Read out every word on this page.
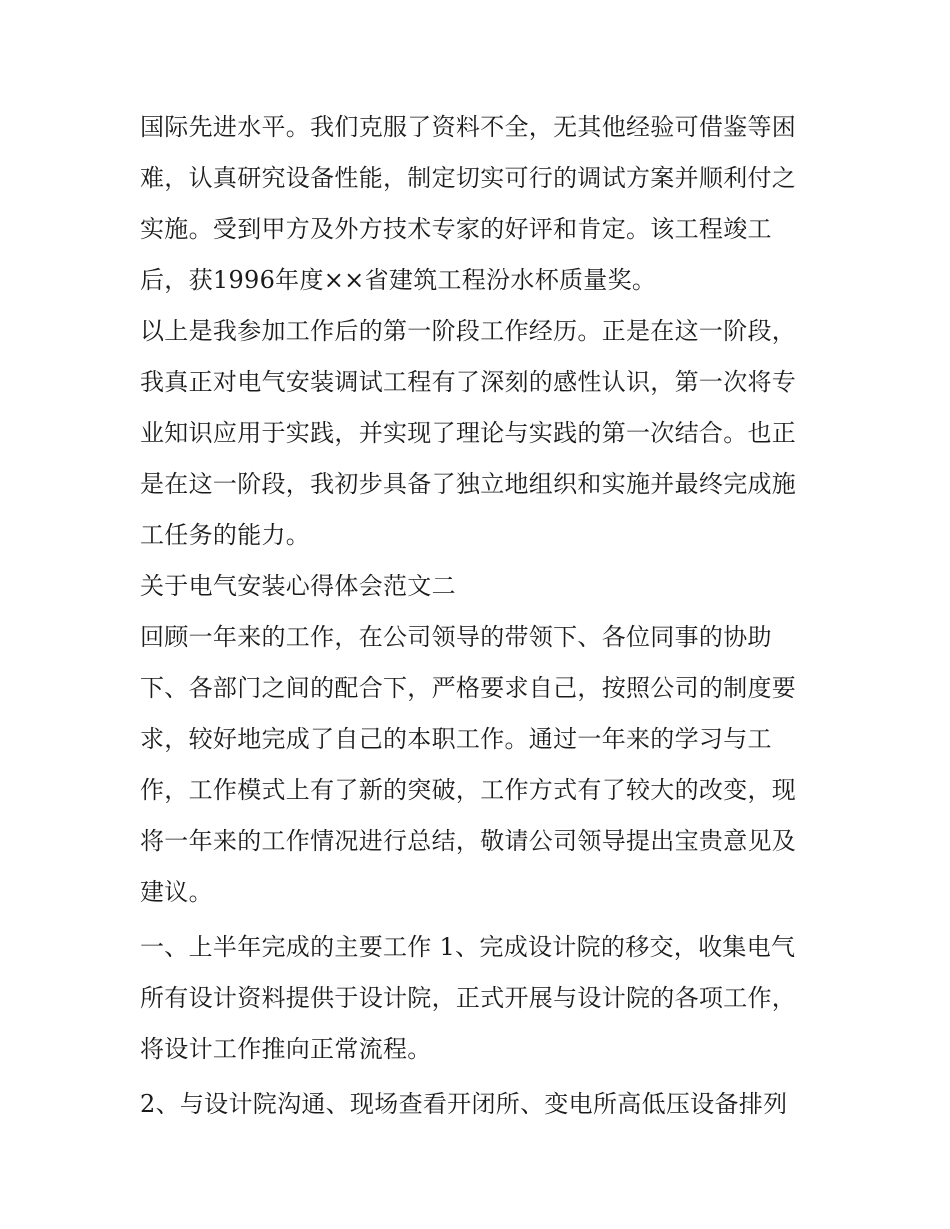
国际先进水平。我们克服了资料不全，无其他经验可借鉴等困
难，认真研究设备性能，制定切实可行的调试方案并顺利付之
实施。受到甲方及外方技术专家的好评和肯定。该工程竣工
后，获1996年度××省建筑工程汾水杯质量奖。
以上是我参加工作后的第一阶段工作经历。正是在这一阶段，
我真正对电气安装调试工程有了深刻的感性认识，第一次将专
业知识应用于实践，并实现了理论与实践的第一次结合。也正
是在这一阶段，我初步具备了独立地组织和实施并最终完成施
工任务的能力。
关于电气安装心得体会范文二
回顾一年来的工作，在公司领导的带领下、各位同事的协助
下、各部门之间的配合下，严格要求自己，按照公司的制度要
求，较好地完成了自己的本职工作。通过一年来的学习与工
作，工作模式上有了新的突破，工作方式有了较大的改变，现
将一年来的工作情况进行总结，敬请公司领导提出宝贵意见及
建议。
一、上半年完成的主要工作 1、完成设计院的移交，收集电气
所有设计资料提供于设计院，正式开展与设计院的各项工作，
将设计工作推向正常流程。
2、与设计院沟通、现场查看开闭所、变电所高低压设备排列
